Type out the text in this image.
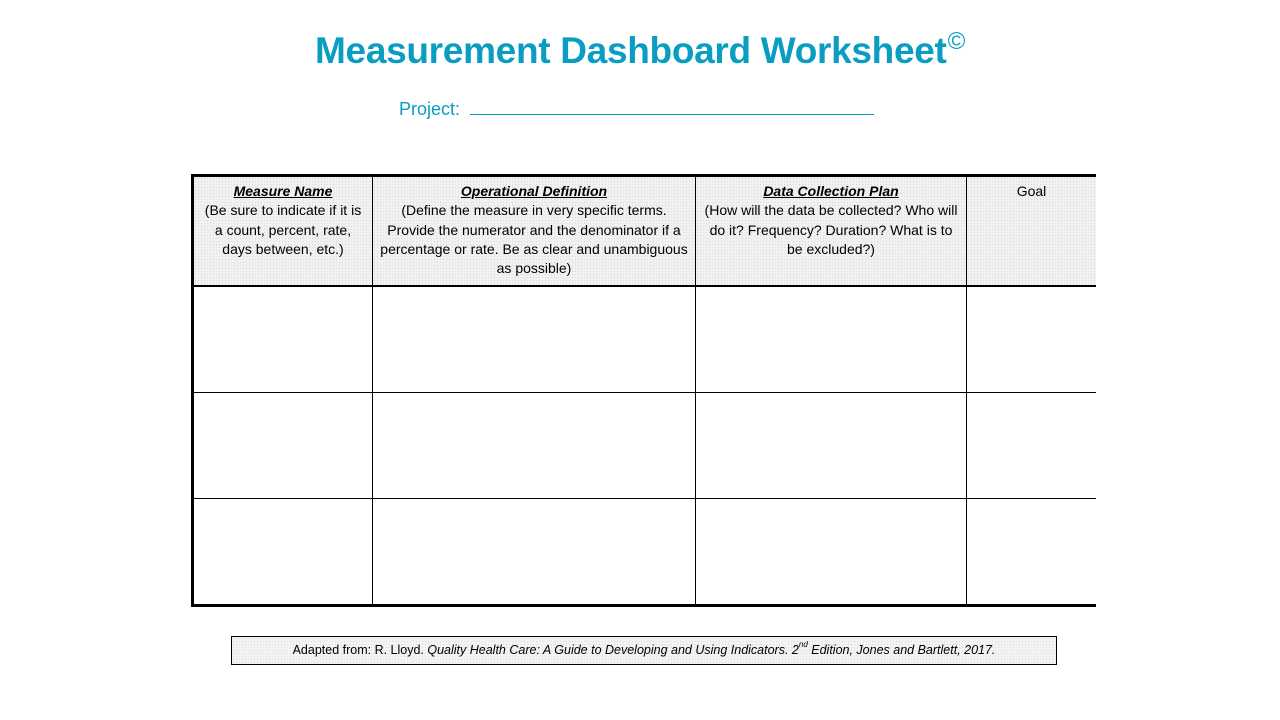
Measurement Dashboard Worksheet©
Project:
Measure Name
(Be sure to indicate if it is a count, percent, rate, days between, etc.)
Operational Definition
(Define the measure in very specific terms. Provide the numerator and the denominator if a percentage or rate. Be as clear and unambiguous as possible)
Data Collection Plan
(How will the data be collected? Who will do it? Frequency? Duration? What is to be excluded?)
Goal
Adapted from: R. Lloyd. Quality Health Care: A Guide to Developing and Using Indicators. 2nd Edition, Jones and Bartlett, 2017.
